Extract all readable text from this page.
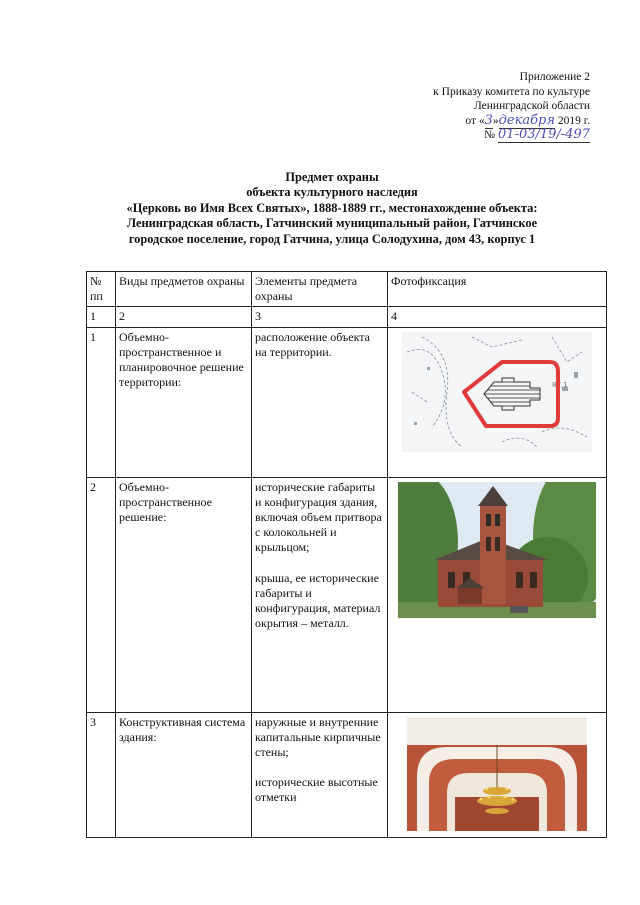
Приложение 2
к Приказу комитета по культуре
Ленинградской области
от «3»декабря 2019 г.
№ 01-03/19/-497
Предмет охраны
объекта культурного наследия
«Церковь во Имя Всех Святых», 1888-1889 гг., местонахождение объекта:
Ленинградская область, Гатчинский муниципальный район, Гатчинское
городское поселение, город Гатчина, улица Солодухина, дом 43, корпус 1
№ пп	Виды предметов охраны	Элементы предмета охраны	Фотофиксация
1	2	3	4
1	Объемно-пространственное и планировочное решение территории:	расположение объекта на территории.	87.1

2	Объемно-пространственное решение:	исторические габариты и конфигурация здания, включая объем притвора с колокольней и крыльцом;
крыша, ее исторические габариты и конфигурация, материал окрытия – металл.	

3	Конструктивная система здания:	наружные и внутренние капитальные кирпичные стены;
исторические высотные отметки	
